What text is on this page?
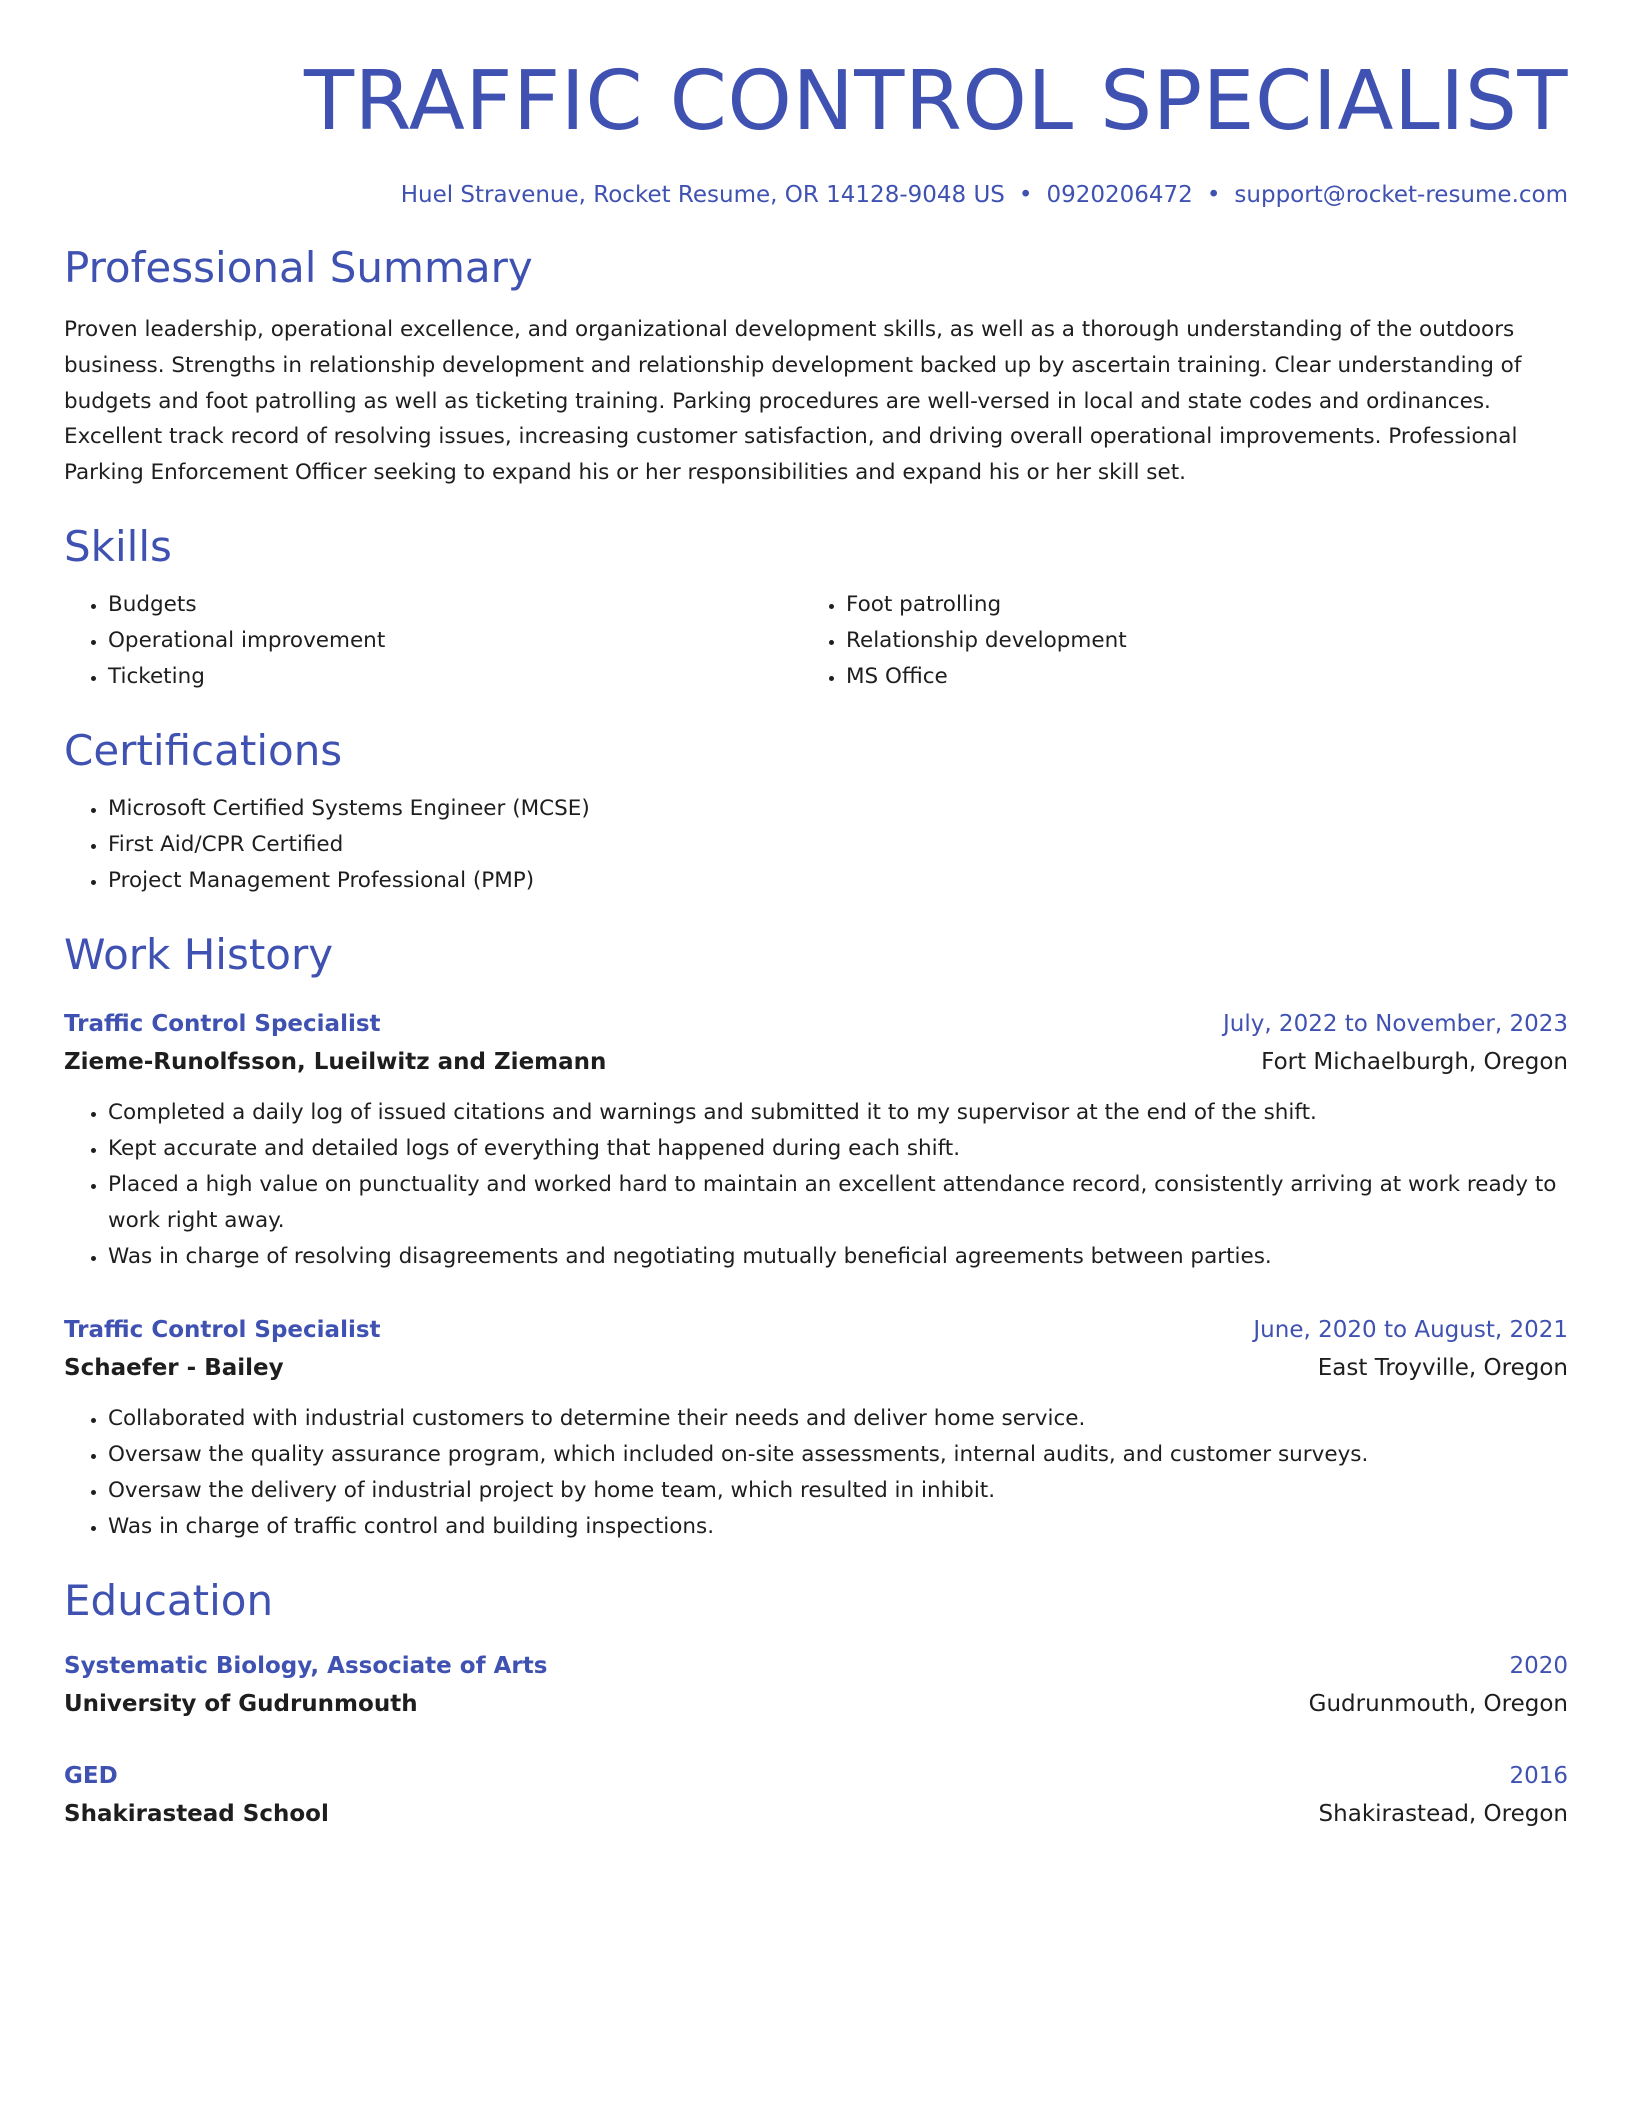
TRAFFIC CONTROL SPECIALIST
Huel Stravenue, Rocket Resume, OR 14128-9048 US • 0920206472 • support@rocket-resume.com
Professional Summary

Proven leadership, operational excellence, and organizational development skills, as well as a thorough understanding of the outdoors business. Strengths in relationship development and relationship development backed up by ascertain training. Clear understanding of budgets and foot patrolling as well as ticketing training. Parking procedures are well-versed in local and state codes and ordinances. Excellent track record of resolving issues, increasing customer satisfaction, and driving overall operational improvements. Professional Parking Enforcement Officer seeking to expand his or her responsibilities and expand his or her skill set.

Skills
• Budgets
• Operational improvement
• Ticketing
• Foot patrolling
• Relationship development
• MS Office
Certifications
• Microsoft Certified Systems Engineer (MCSE)
• First Aid/CPR Certified
• Project Management Professional (PMP)
Work History
Traffic Control Specialist	July, 2022 to November, 2023
Zieme-Runolfsson, Lueilwitz and Ziemann	Fort Michaelburgh, Oregon
• Completed a daily log of issued citations and warnings and submitted it to my supervisor at the end of the shift.
• Kept accurate and detailed logs of everything that happened during each shift.
• Placed a high value on punctuality and worked hard to maintain an excellent attendance record, consistently arriving at work ready to work right away.
• Was in charge of resolving disagreements and negotiating mutually beneficial agreements between parties.
Traffic Control Specialist	June, 2020 to August, 2021
Schaefer - Bailey	East Troyville, Oregon
• Collaborated with industrial customers to determine their needs and deliver home service.
• Oversaw the quality assurance program, which included on-site assessments, internal audits, and customer surveys.
• Oversaw the delivery of industrial project by home team, which resulted in inhibit.
• Was in charge of traffic control and building inspections.
Education
Systematic Biology, Associate of Arts	2020
University of Gudrunmouth	Gudrunmouth, Oregon
GED	2016
Shakirastead School	Shakirastead, Oregon
